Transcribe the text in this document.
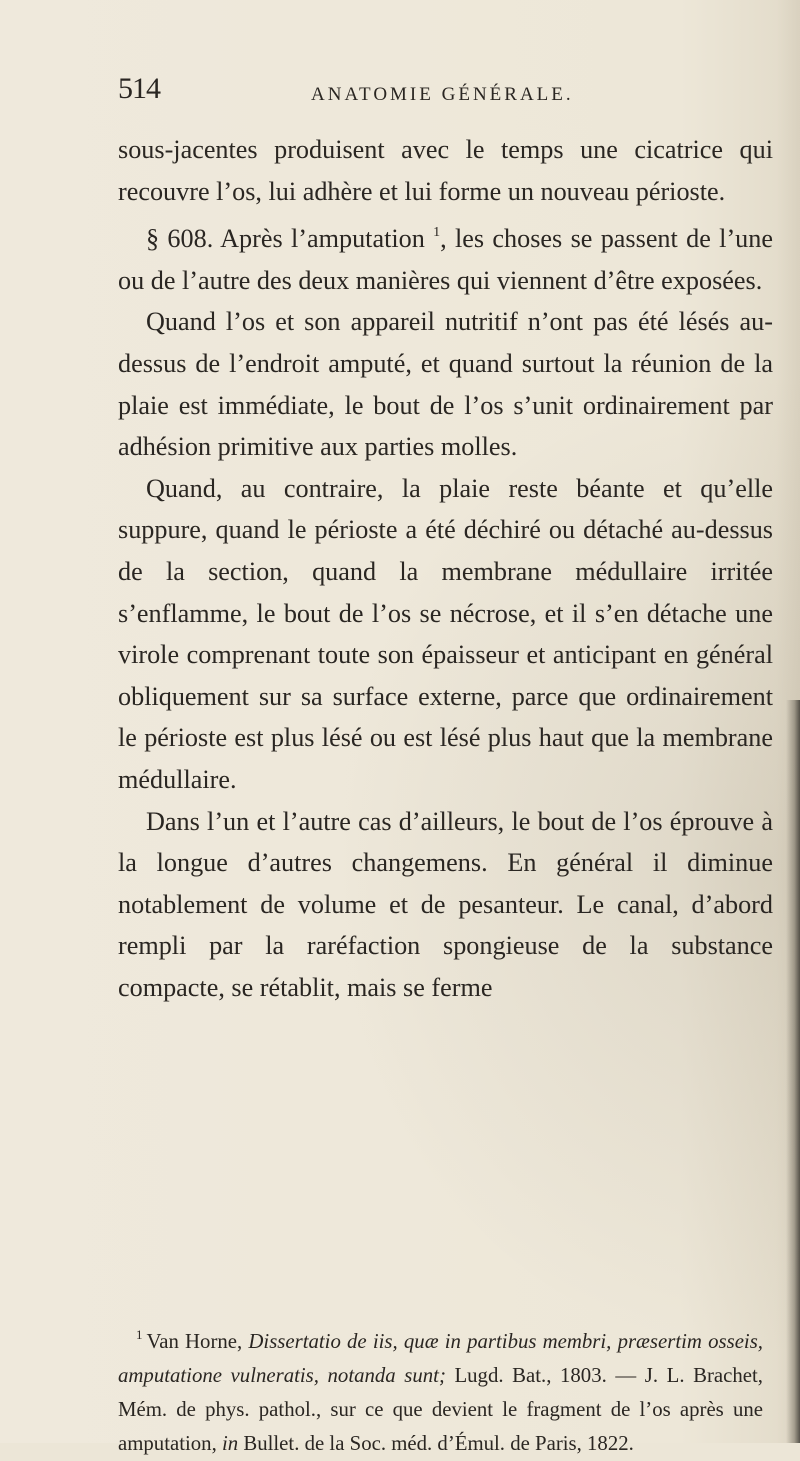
514	ANATOMIE GÉNÉRALE.

sous-jacentes produisent avec le temps une cicatrice qui recouvre l’os, lui adhère et lui forme un nouveau périoste.

§ 608. Après l’amputation $^1$, les choses se passent de l’une ou de l’autre des deux manières qui viennent d’être exposées.

Quand l’os et son appareil nutritif n’ont pas été lésés au-dessus de l’endroit amputé, et quand surtout la réunion de la plaie est immédiate, le bout de l’os s’unit ordinairement par adhésion primitive aux parties molles.

Quand, au contraire, la plaie reste béante et qu’elle suppure, quand le périoste a été déchiré ou détaché au-dessus de la section, quand la membrane médullaire irritée s’enflamme, le bout de l’os se nécrose, et il s’en détache une virole comprenant toute son épaisseur et anticipant en général obliquement sur sa surface externe, parce que ordinairement le périoste est plus lésé ou est lésé plus haut que la membrane médullaire.

Dans l’un et l’autre cas d’ailleurs, le bout de l’os éprouve à la longue d’autres changemens. En général il diminue notablement de volume et de pesanteur. Le canal, d’abord rempli par la raréfaction spongieuse de la substance compacte, se rétablit, mais se ferme

$^1$ Van Horne, Dissertatio de iis, quæ in partibus membri, præsertim osseis, amputatione vulneratis, notanda sunt; Lugd. Bat., 1803. — J. L. Brachet, Mém. de phys. pathol., sur ce que devient le fragment de l’os après une amputation, in Bullet. de la Soc. méd. d’Émul. de Paris, 1822.
